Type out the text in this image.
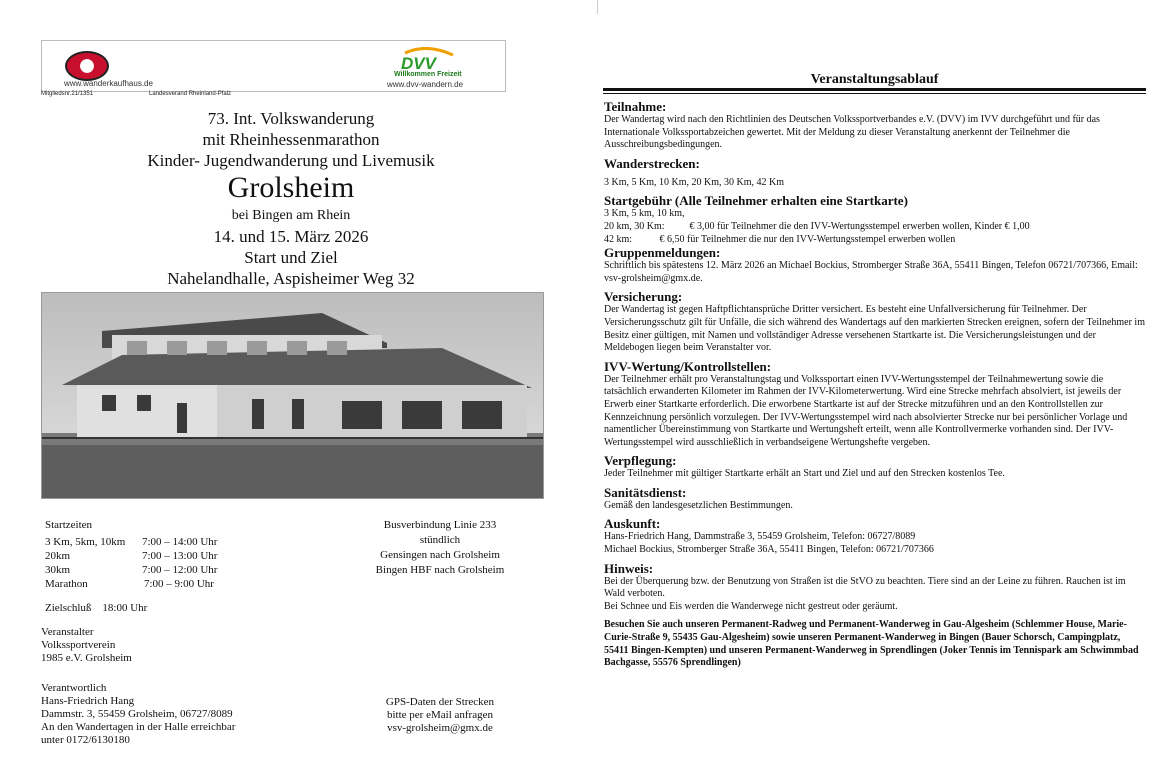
www.wanderkaufhaus.de
DVV
Willkommen Freizeit
www.dvv-wandern.de
Mitgliedsnr.21/1351	Landesverand Rheinland-Pfalz
73. Int. Volkswanderung
mit Rheinhessenmarathon
Kinder- Jugendwanderung und Livemusik
Grolsheim
bei Bingen am Rhein
14. und 15. März 2026
Start und Ziel
Nahelandhalle, Aspisheimer Weg 32
Startzeiten
3 Km, 5km, 10km	7:00 – 14:00 Uhr
20km	7:00 – 13:00 Uhr
30km	7:00 – 12:00 Uhr
Marathon	7:00 – 9:00 Uhr
Zielschluß    18:00 Uhr
Busverbindung Linie 233
stündlich
Gensingen nach Grolsheim
Bingen HBF nach Grolsheim
Veranstalter
Volkssportverein
1985 e.V. Grolsheim
Verantwortlich
Hans-Friedrich Hang
Dammstr. 3, 55459 Grolsheim, 06727/8089
An den Wandertagen in der Halle erreichbar
unter 0172/6130180
GPS-Daten der Strecken
bitte per eMail anfragen
vsv-grolsheim@gmx.de
Veranstaltungsablauf
Teilnahme:

Der Wandertag wird nach den Richtlinien des Deutschen Volkssportverbandes e.V. (DVV) im IVV durchgeführt und für das Internationale Volkssportabzeichen gewertet. Mit der Meldung zu dieser Veranstaltung anerkennt der Teilnehmer die Ausschreibungsbedingungen.

Wanderstrecken:

3 Km, 5 Km, 10 Km, 20 Km, 30 Km, 42 Km

Startgebühr (Alle Teilnehmer erhalten eine Startkarte)

3 Km, 5 km, 10 km,

20 km, 30 Km:          € 3,00 für Teilnehmer die den IVV-Wertungsstempel erwerben wollen, Kinder € 1,00

42 km:           € 6,50 für Teilnehmer die nur den IVV-Wertungsstempel erwerben wollen

Gruppenmeldungen:

Schriftlich bis spätestens 12. März 2026 an Michael Bockius, Stromberger Straße 36A, 55411 Bingen, Telefon 06721/707366, Email: vsv-grolsheim@gmx.de.

Versicherung:

Der Wandertag ist gegen Haftpflichtansprüche Dritter versichert. Es besteht eine Unfallversicherung für Teilnehmer. Der Versicherungsschutz gilt für Unfälle, die sich während des Wandertags auf den markierten Strecken ereignen, sofern der Teilnehmer im Besitz einer gültigen, mit Namen und vollständiger Adresse versehenen Startkarte ist. Die Versicherungsleistungen und der Meldebogen liegen beim Veranstalter vor.

IVV-Wertung/Kontrollstellen:

Der Teilnehmer erhält pro Veranstaltungstag und Volkssportart einen IVV-Wertungsstempel der Teilnahmewertung sowie die tatsächlich erwanderten Kilometer im Rahmen der IVV-Kilometerwertung. Wird eine Strecke mehrfach absolviert, ist jeweils der Erwerb einer Startkarte erforderlich. Die erworbene Startkarte ist auf der Strecke mitzuführen und an den Kontrollstellen zur Kennzeichnung persönlich vorzulegen. Der IVV-Wertungsstempel wird nach absolvierter Strecke nur bei persönlicher Vorlage und namentlicher Übereinstimmung von Startkarte und Wertungsheft erteilt, wenn alle Kontrollvermerke vorhanden sind. Der IVV-Wertungsstempel wird ausschließlich in verbandseigene Wertungshefte vergeben.

Verpflegung:

Jeder Teilnehmer mit gültiger Startkarte erhält an Start und Ziel und auf den Strecken kostenlos Tee.

Sanitätsdienst:

Gemäß den landesgesetzlichen Bestimmungen.

Auskunft:

Hans-Friedrich Hang, Dammstraße 3, 55459 Grolsheim, Telefon: 06727/8089

Michael Bockius, Stromberger Straße 36A, 55411 Bingen, Telefon: 06721/707366

Hinweis:

Bei der Überquerung bzw. der Benutzung von Straßen ist die StVO zu beachten. Tiere sind an der Leine zu führen. Rauchen ist im Wald verboten.

Bei Schnee und Eis werden die Wanderwege nicht gestreut oder geräumt.

Besuchen Sie auch unseren Permanent-Radweg und Permanent-Wanderweg in Gau-Algesheim (Schlemmer House, Marie-Curie-Straße 9, 55435 Gau-Algesheim) sowie unseren Permanent-Wanderweg in Bingen (Bauer Schorsch, Campingplatz, 55411 Bingen-Kempten) und unseren Permanent-Wanderweg in Sprendlingen (Joker Tennis im Tennispark am Schwimmbad Bachgasse, 55576 Sprendlingen)
